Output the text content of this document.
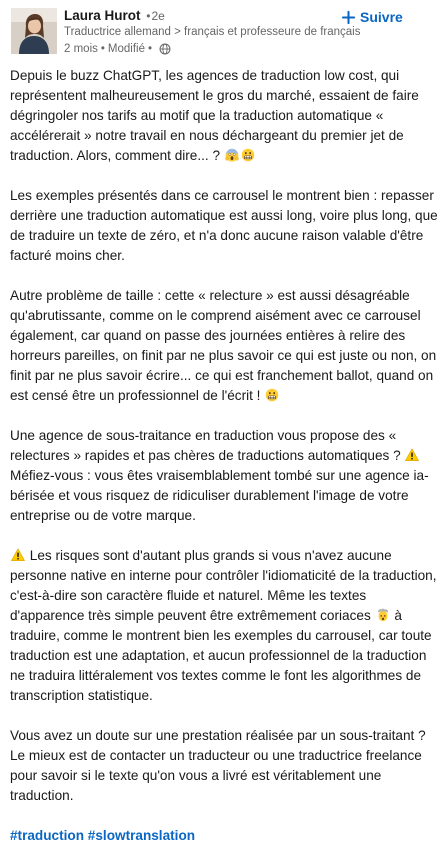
Laura Hurot •2e
Traductrice allemand > français et professeure de français
2 mois • Modifié •
Suivre

Depuis le buzz ChatGPT, les agences de traduction low cost, qui représentent malheureusement le gros du marché, essaient de faire dégringoler nos tarifs au motif que la traduction automatique « accélérerait » notre travail en nous déchargeant du premier jet de traduction. Alors, comment dire... ?

Les exemples présentés dans ce carrousel le montrent bien : repasser derrière une traduction automatique est aussi long, voire plus long, que de traduire un texte de zéro, et n'a donc aucune raison valable d'être facturé moins cher.

Autre problème de taille : cette « relecture » est aussi désagréable qu'abrutissante, comme on le comprend aisément avec ce carrousel également, car quand on passe des journées entières à relire des horreurs pareilles, on finit par ne plus savoir ce qui est juste ou non, on finit par ne plus savoir écrire... ce qui est franchement ballot, quand on est censé être un professionnel de l'écrit !

Une agence de sous-traitance en traduction vous propose des « relectures » rapides et pas chères de traductions automatiques ?  Méfiez-vous : vous êtes vraisemblablement tombé sur une agence ia-bérisée et vous risquez de ridiculiser durablement l'image de votre entreprise ou de votre marque.

Les risques sont d'autant plus grands si vous n'avez aucune personne native en interne pour contrôler l'idiomaticité de la traduction, c'est-à-dire son caractère fluide et naturel. Même les textes d'apparence très simple peuvent être extrêmement coriaces à traduire, comme le montrent bien les exemples du carrousel, car toute traduction est une adaptation, et aucun professionnel de la traduction ne traduira littéralement vos textes comme le font les algorithmes de transcription statistique.

Vous avez un doute sur une prestation réalisée par un sous-traitant ? Le mieux est de contacter un traducteur ou une traductrice freelance pour savoir si le texte qu'on vous a livré est véritablement une traduction.

#traduction #slowtranslation
